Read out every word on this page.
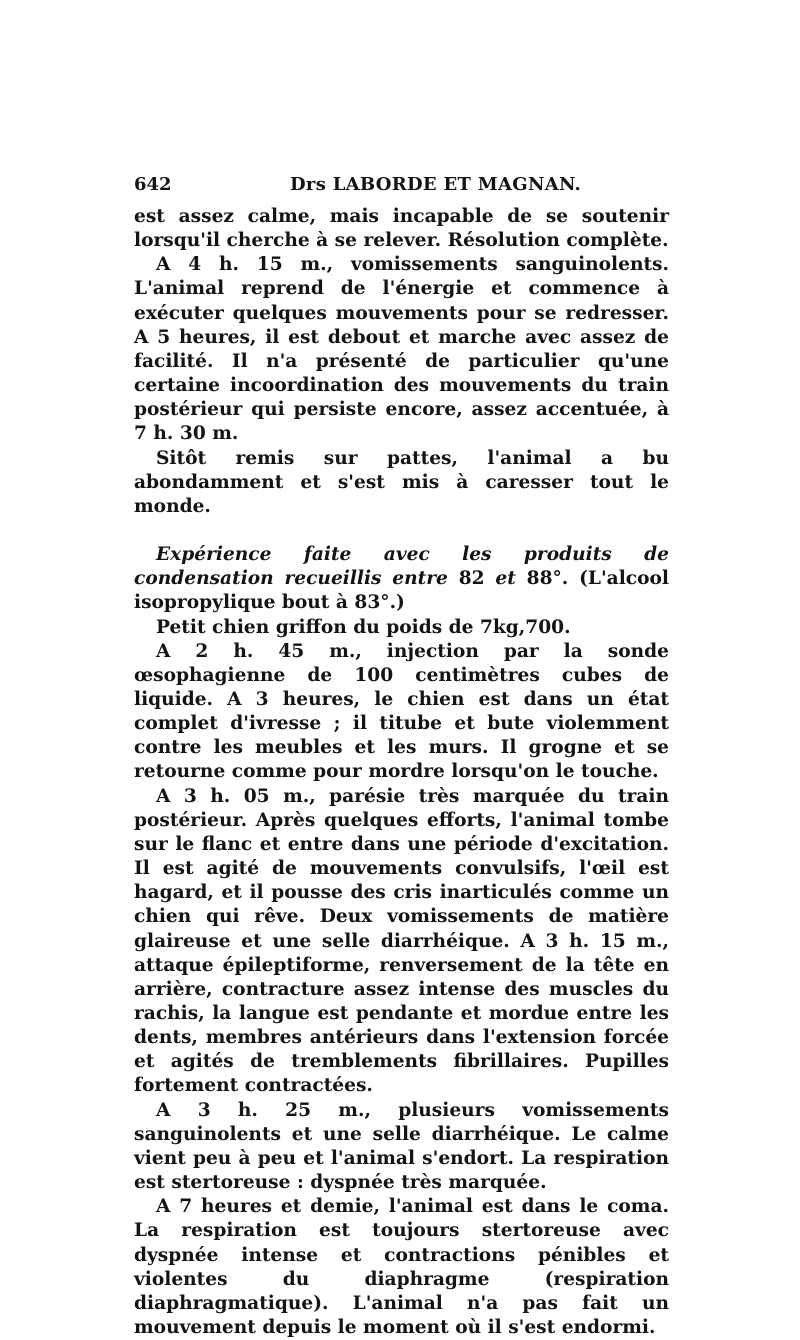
642	Drs LABORDE ET MAGNAN.

est assez calme, mais incapable de se soutenir lorsqu'il cherche à se relever. Résolution complète.

A 4 h. 15 m., vomissements sanguinolents. L'animal reprend de l'énergie et commence à exécuter quelques mouvements pour se redresser. A 5 heures, il est debout et marche avec assez de facilité. Il n'a présenté de particulier qu'une certaine incoordination des mouvements du train postérieur qui persiste encore, assez accentuée, à 7 h. 30 m.

Sitôt remis sur pattes, l'animal a bu abondamment et s'est mis à caresser tout le monde.

Expérience faite avec les produits de condensation recueillis entre 82 et 88°. (L'alcool isopropylique bout à 83°.)

Petit chien griffon du poids de 7kg,700.

A 2 h. 45 m., injection par la sonde œsophagienne de 100 centimètres cubes de liquide. A 3 heures, le chien est dans un état complet d'ivresse ; il titube et bute violemment contre les meubles et les murs. Il grogne et se retourne comme pour mordre lorsqu'on le touche.

A 3 h. 05 m., parésie très marquée du train postérieur. Après quelques efforts, l'animal tombe sur le flanc et entre dans une période d'excitation. Il est agité de mouvements convulsifs, l'œil est hagard, et il pousse des cris inarticulés comme un chien qui rêve. Deux vomissements de matière glaireuse et une selle diarrhéique. A 3 h. 15 m., attaque épileptiforme, renversement de la tête en arrière, contracture assez intense des muscles du rachis, la langue est pendante et mordue entre les dents, membres antérieurs dans l'extension forcée et agités de tremblements fibrillaires. Pupilles fortement contractées.

A 3 h. 25 m., plusieurs vomissements sanguinolents et une selle diarrhéique. Le calme vient peu à peu et l'animal s'endort. La respiration est stertoreuse : dyspnée très marquée.

A 7 heures et demie, l'animal est dans le coma. La respiration est toujours stertoreuse avec dyspnée intense et contractions pénibles et violentes du diaphragme (respiration diaphragmatique). L'animal n'a pas fait un mouvement depuis le moment où il s'est endormi.
